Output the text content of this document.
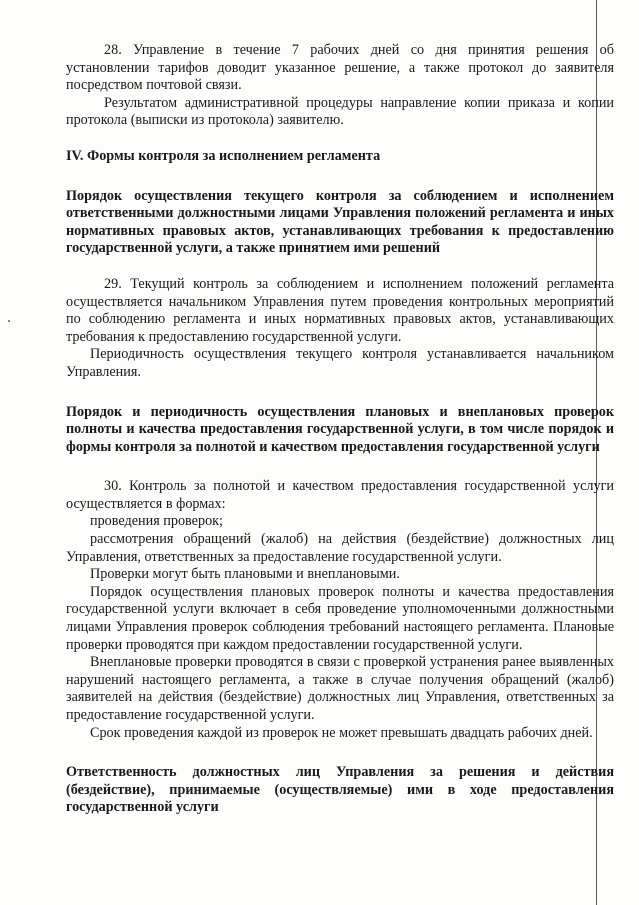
28. Управление в течение 7 рабочих дней со дня принятия решения об установлении тарифов доводит указанное решение, а также протокол до заявителя посредством почтовой связи.

Результатом административной процедуры направление копии приказа и копии протокола (выписки из протокола) заявителю.

IV. Формы контроля за исполнением регламента

Порядок осуществления текущего контроля за соблюдением и исполнением ответственными должностными лицами Управления положений регламента и иных нормативных правовых актов, устанавливающих требования к предоставлению государственной услуги, а также принятием ими решений

29. Текущий контроль за соблюдением и исполнением положений регламента осуществляется начальником Управления путем проведения контрольных мероприятий по соблюдению регламента и иных нормативных правовых актов, устанавливающих требования к предоставлению государственной услуги.

Периодичность осуществления текущего контроля устанавливается начальником Управления.

Порядок и периодичность осуществления плановых и внеплановых проверок полноты и качества предоставления государственной услуги, в том числе порядок и формы контроля за полнотой и качеством предоставления государственной услуги

30. Контроль за полнотой и качеством предоставления государственной услуги осуществляется в формах:

проведения проверок;

рассмотрения обращений (жалоб) на действия (бездействие) должностных лиц Управления, ответственных за предоставление государственной услуги.

Проверки могут быть плановыми и внеплановыми.

Порядок осуществления плановых проверок полноты и качества предоставления государственной услуги включает в себя проведение уполномоченными должностными лицами Управления проверок соблюдения требований настоящего регламента. Плановые проверки проводятся при каждом предоставлении государственной услуги.

Внеплановые проверки проводятся в связи с проверкой устранения ранее выявленных нарушений настоящего регламента, а также в случае получения обращений (жалоб) заявителей на действия (бездействие) должностных лиц Управления, ответственных за предоставление государственной услуги.

Срок проведения каждой из проверок не может превышать двадцать рабочих дней.

Ответственность должностных лиц Управления за решения и действия (бездействие), принимаемые (осуществляемые) ими в ходе предоставления государственной услуги
